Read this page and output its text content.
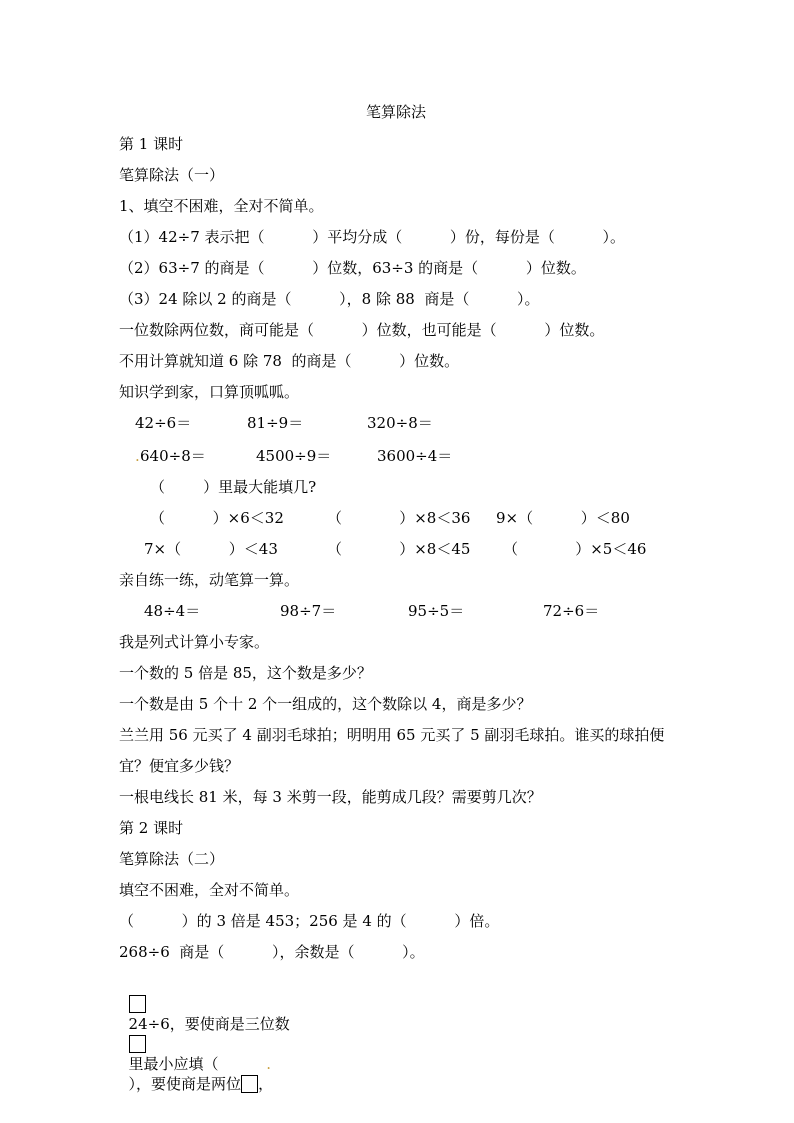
笔算除法
第 1 课时
笔算除法（一）
1、填空不困难，全对不简单。
（1）42÷7 表示把（          ）平均分成（          ）份，每份是（          ）。
（2）63÷7 的商是（          ）位数，63÷3 的商是（          ）位数。
（3）24 除以 2 的商是（          ），8 除 88  商是（          ）。
一位数除两位数，商可能是（          ）位数，也可能是（          ）位数。
不用计算就知道 6 除 78  的商是（          ）位数。
知识学到家，口算顶呱呱。
42÷6＝	81÷9＝	320÷8＝
. 640÷8＝	4500÷9＝	3600÷4＝
（        ）里最大能填几?
（          ）×6＜32	（            ）×8＜36 9×（          ）＜80
7×（          ）＜43	（            ）×8＜45 （            ）×5＜46
亲自练一练，动笔算一算。
48÷4＝	98÷7＝	95÷5＝	72÷6＝
我是列式计算小专家。
一个数的 5 倍是 85，这个数是多少？
一个数是由 5 个十 2 个一组成的，这个数除以 4，商是多少？
兰兰用 56 元买了 4 副羽毛球拍；明明用 65 元买了 5 副羽毛球拍。谁买的球拍便
宜？便宜多少钱？
一根电线长 81 米，每 3 米剪一段，能剪成几段？需要剪几次？
第 2 课时
笔算除法（二）
填空不困难，全对不简单。
（          ）的 3 倍是 453；256 是 4 的（          ）倍。
268÷6  商是（          ），余数是（          ）。

24÷6，要使商是三位数

里最小应填（          .
），要使商是两位 ，
